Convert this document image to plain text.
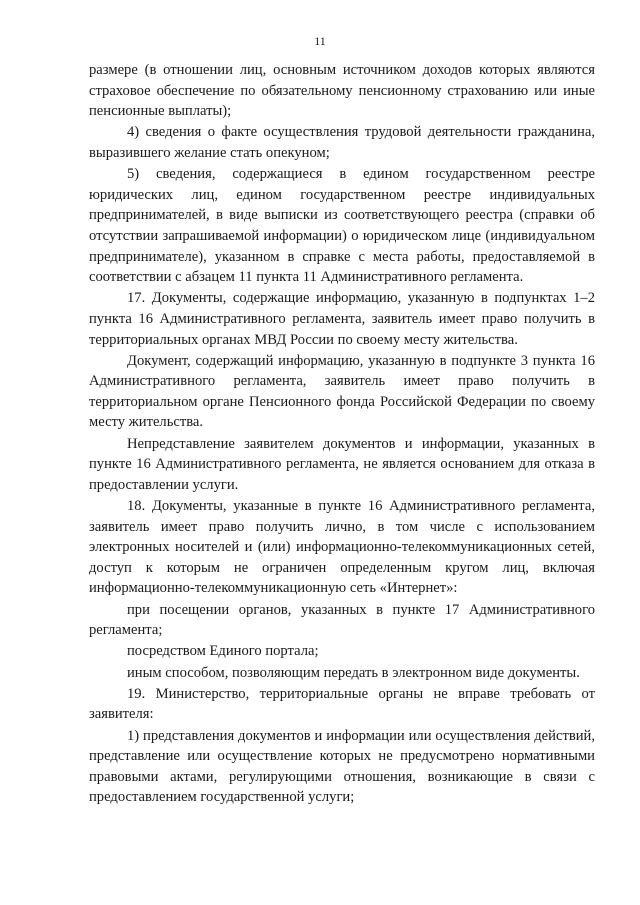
11

размере (в отношении лиц, основным источником доходов которых являются страховое обеспечение по обязательному пенсионному страхованию или иные пенсионные выплаты);

4) сведения о факте осуществления трудовой деятельности гражданина, выразившего желание стать опекуном;

5) сведения, содержащиеся в едином государственном реестре юридических лиц, едином государственном реестре индивидуальных предпринимателей, в виде выписки из соответствующего реестра (справки об отсутствии запрашиваемой информации) о юридическом лице (индивидуальном предпринимателе), указанном в справке с места работы, предоставляемой в соответствии с абзацем 11 пункта 11 Административного регламента.

17. Документы, содержащие информацию, указанную в подпунктах 1–2 пункта 16 Административного регламента, заявитель имеет право получить в территориальных органах МВД России по своему месту жительства.

Документ, содержащий информацию, указанную в подпункте 3 пункта 16 Административного регламента, заявитель имеет право получить в территориальном органе Пенсионного фонда Российской Федерации по своему месту жительства.

Непредставление заявителем документов и информации, указанных в пункте 16 Административного регламента, не является основанием для отказа в предоставлении услуги.

18. Документы, указанные в пункте 16 Административного регламента, заявитель имеет право получить лично, в том числе с использованием электронных носителей и (или) информационно-телекоммуникационных сетей, доступ к которым не ограничен определенным кругом лиц, включая информационно-телекоммуникационную сеть «Интернет»:

при посещении органов, указанных в пункте 17 Административного регламента;

посредством Единого портала;

иным способом, позволяющим передать в электронном виде документы.

19. Министерство, территориальные органы не вправе требовать от заявителя:

1) представления документов и информации или осуществления действий, представление или осуществление которых не предусмотрено нормативными правовыми актами, регулирующими отношения, возникающие в связи с предоставлением государственной услуги;
